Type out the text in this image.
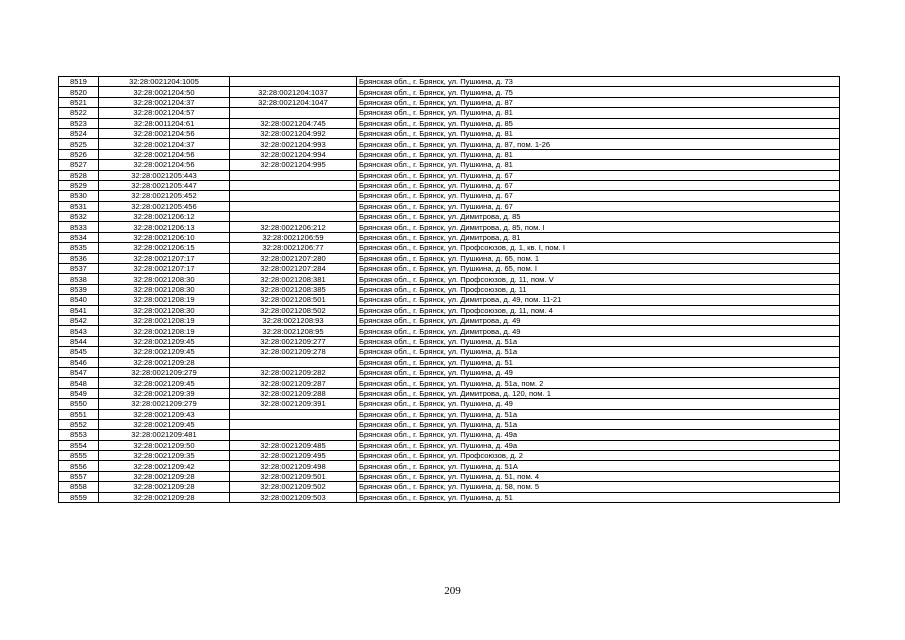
8519	32:28:0021204:1005		Брянская обл., г. Брянск, ул. Пушкина, д. 73
8520	32:28:0021204:50	32:28:0021204:1037	Брянская обл., г. Брянск, ул. Пушкина, д. 75
8521	32:28:0021204:37	32:28:0021204:1047	Брянская обл., г. Брянск, ул. Пушкина, д. 87
8522	32:28:0021204:57		Брянская обл., г. Брянск, ул. Пушкина, д. 81
8523	32:28:0011204:61	32:28:0021204:745	Брянская обл., г. Брянск, ул. Пушкина, д. 85
8524	32:28:0021204:56	32:28:0021204:992	Брянская обл., г. Брянск, ул. Пушкина, д. 81
8525	32:28:0021204:37	32:28:0021204:993	Брянская обл., г. Брянск, ул. Пушкина, д. 87, пом. 1-26
8526	32:28:0021204:56	32:28:0021204:994	Брянская обл., г. Брянск, ул. Пушкина, д. 81
8527	32:28:0021204:56	32:28:0021204:995	Брянская обл., г. Брянск, ул. Пушкина, д. 81
8528	32:28:0021205:443		Брянская обл., г. Брянск, ул. Пушкина, д. 67
8529	32:28:0021205:447		Брянская обл., г. Брянск, ул. Пушкина, д. 67
8530	32:28:0021205:452		Брянская обл., г. Брянск, ул. Пушкина, д. 67
8531	32:28:0021205:456		Брянская обл., г. Брянск, ул. Пушкина, д. 67
8532	32:28:0021206:12		Брянская обл., г. Брянск, ул. Димитрова, д. 85
8533	32:28:0021206:13	32:28:0021206:212	Брянская обл., г. Брянск, ул. Димитрова, д. 85, пом. I
8534	32:28:0021206:10	32:28:0021206:59	Брянская обл., г. Брянск, ул. Димитрова, д. 81
8535	32:28:0021206:15	32:28:0021206:77	Брянская обл., г. Брянск, ул. Профсоюзов, д. 1, кв. I, пом. I
8536	32:28:0021207:17	32:28:0021207:280	Брянская обл., г. Брянск, ул. Пушкина, д. 65, пом. 1
8537	32:28:0021207:17	32:28:0021207:284	Брянская обл., г. Брянск, ул. Пушкина, д. 65, пом. I
8538	32:28:0021208:30	32:28:0021208:381	Брянская обл., г. Брянск, ул. Профсоюзов, д. 11, пом. V
8539	32:28:0021208:30	32:28:0021208:385	Брянская обл., г. Брянск, ул. Профсоюзов, д. 11
8540	32:28:0021208:19	32:28:0021208:501	Брянская обл., г. Брянск, ул. Димитрова, д. 49, пом. 11-21
8541	32:28:0021208:30	32:28:0021208:502	Брянская обл., г. Брянск, ул. Профсоюзов, д. 11, пом. 4
8542	32:28:0021208:19	32:28:0021208:93	Брянская обл., г. Брянск, ул. Димитрова, д. 49
8543	32:28:0021208:19	32:28:0021208:95	Брянская обл., г. Брянск, ул. Димитрова, д. 49
8544	32:28:0021209:45	32:28:0021209:277	Брянская обл., г. Брянск, ул. Пушкина, д. 51а
8545	32:28:0021209:45	32:28:0021209:278	Брянская обл., г. Брянск, ул. Пушкина, д. 51а
8546	32:28:0021209:28		Брянская обл., г. Брянск, ул. Пушкина, д. 51
8547	32:28:0021209:279	32:28:0021209:282	Брянская обл., г. Брянск, ул. Пушкина, д. 49
8548	32:28:0021209:45	32:28:0021209:287	Брянская обл., г. Брянск, ул. Пушкина, д. 51а, пом. 2
8549	32:28:0021209:39	32:28:0021209:288	Брянская обл., г. Брянск, ул. Димитрова, д. 120, пом. 1
8550	32:28:0021209:279	32:28:0021209:391	Брянская обл., г. Брянск, ул. Пушкина, д. 49
8551	32:28:0021209:43		Брянская обл., г. Брянск, ул. Пушкина, д. 51а
8552	32:28:0021209:45		Брянская обл., г. Брянск, ул. Пушкина, д. 51а
8553	32:28:0021209:481		Брянская обл., г. Брянск, ул. Пушкина, д. 49а
8554	32:28:0021209:50	32:28:0021209:485	Брянская обл., г. Брянск, ул. Пушкина, д. 49а
8555	32:28:0021209:35	32:28:0021209:495	Брянская обл., г. Брянск, ул. Профсоюзов, д. 2
8556	32:28:0021209:42	32:28:0021209:498	Брянская обл., г. Брянск, ул. Пушкина, д. 51А
8557	32:28:0021209:28	32:28:0021209:501	Брянская обл., г. Брянск, ул. Пушкина, д. 51, пом. 4
8558	32:28:0021209:28	32:28:0021209:502	Брянская обл., г. Брянск, ул. Пушкина, д. 58, пом. 5
8559	32:28:0021209:28	32:28:0021209:503	Брянская обл., г. Брянск, ул. Пушкина, д. 51
209
